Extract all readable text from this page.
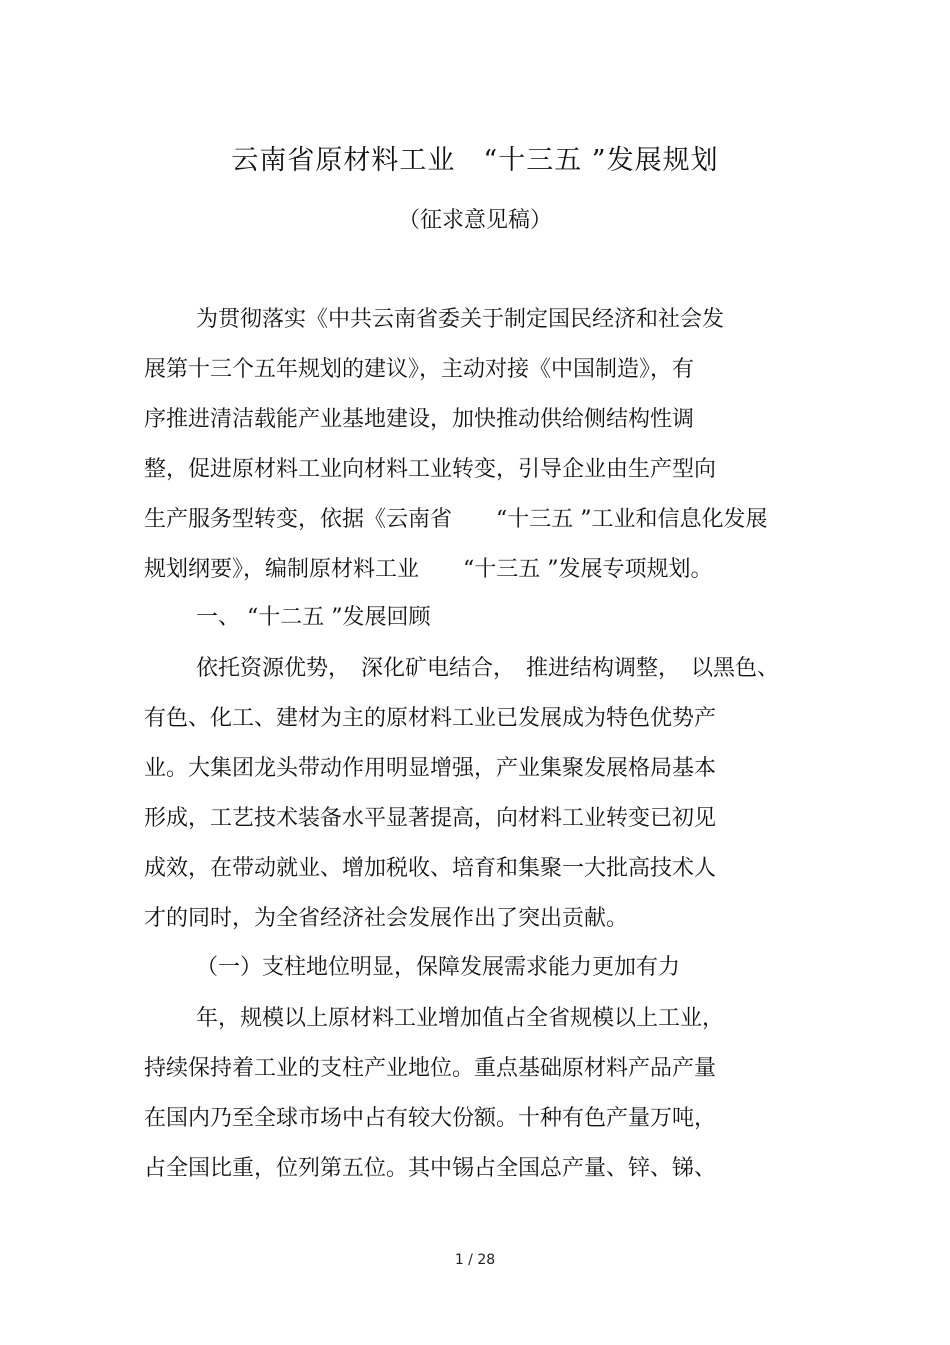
云南省原材料工业　“十三五 ”发展规划
（征求意见稿）
为贯彻落实《中共云南省委关于制定国民经济和社会发
展第十三个五年规划的建议》，主动对接《中国制造》，有
序推进清洁载能产业基地建设，加快推动供给侧结构性调
整，促进原材料工业向材料工业转变，引导企业由生产型向
生产服务型转变，依据《云南省　　“十三五 ”工业和信息化发展
规划纲要》，编制原材料工业　　“十三五 ”发展专项规划。
一、 “十二五 ”发展回顾
依托资源优势，　深化矿电结合，　推进结构调整，　以黑色、
有色、化工、建材为主的原材料工业已发展成为特色优势产
业。大集团龙头带动作用明显增强，产业集聚发展格局基本
形成，工艺技术装备水平显著提高，向材料工业转变已初见
成效，在带动就业、增加税收、培育和集聚一大批高技术人
才的同时，为全省经济社会发展作出了突出贡献。
（一）支柱地位明显，保障发展需求能力更加有力
年，规模以上原材料工业增加值占全省规模以上工业，
持续保持着工业的支柱产业地位。重点基础原材料产品产量
在国内乃至全球市场中占有较大份额。十种有色产量万吨，
占全国比重，位列第五位。其中锡占全国总产量、锌、锑、
1 / 28
